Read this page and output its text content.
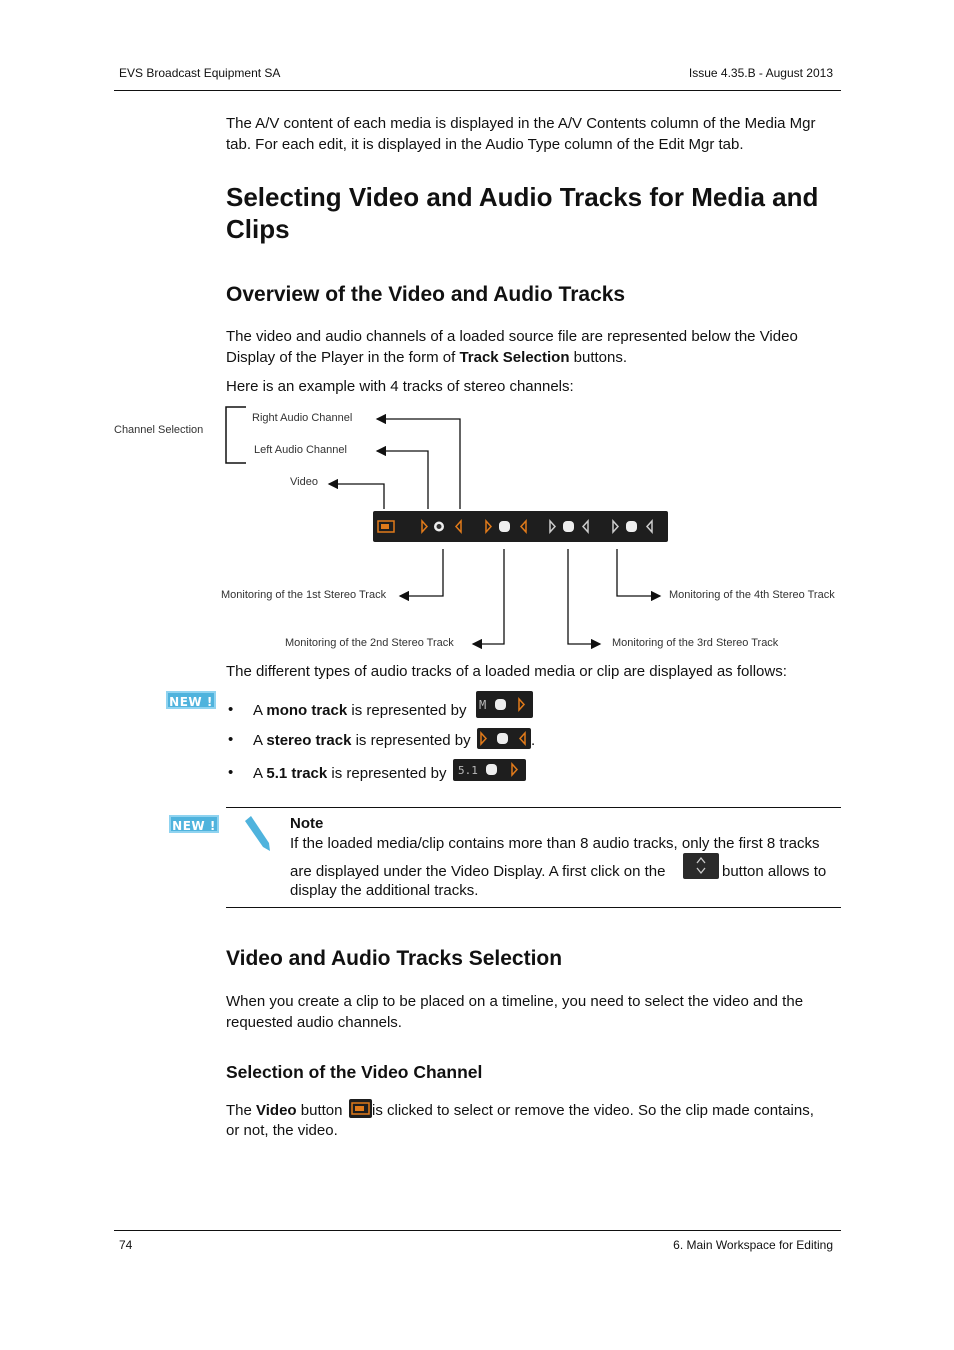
EVS Broadcast Equipment SA	Issue 4.35.B - August 2013
The A/V content of each media is displayed in the A/V Contents column of the Media Mgr
tab. For each edit, it is displayed in the Audio Type column of the Edit Mgr tab.
Selecting Video and Audio Tracks for Media and
Clips
Overview of the Video and Audio Tracks
The video and audio channels of a loaded source file are represented below the Video
Display of the Player in the form of Track Selection buttons.
Here is an example with 4 tracks of stereo channels:
Channel Selection
Right Audio Channel
Left Audio Channel
Video
Monitoring of the 1st Stereo Track
Monitoring of the 2nd Stereo Track	Monitoring of the 3rd Stereo Track
Monitoring of the 4th Stereo Track
The different types of audio tracks of a loaded media or clip are displayed as follows:
NEW ! • A mono track is represented by M
• A stereo track is represented by	.
• A 5.1 track is represented by 5.1
NEW !	Note
If the loaded media/clip contains more than 8 audio tracks, only the first 8 tracks
are displayed under the Video Display. A first click on the	button allows to
display the additional tracks.
Video and Audio Tracks Selection
When you create a clip to be placed on a timeline, you need to select the video and the
requested audio channels.
Selection of the Video Channel
The Video button is clicked to select or remove the video. So the clip made contains,
or not, the video.
74	6. Main Workspace for Editing
